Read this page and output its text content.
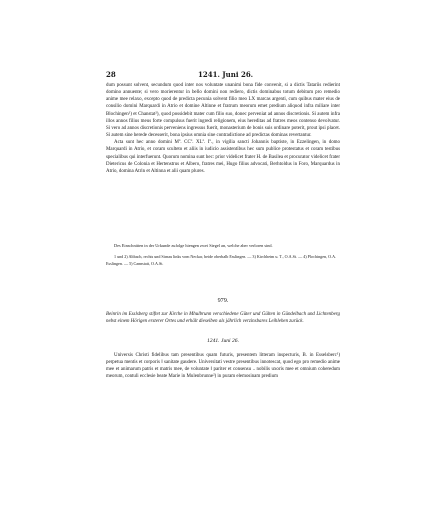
28	1241. Juni 26.

dum possunt solvent, secundum quod inter nos voluntate unanimi bona fide convenit, si a dictis Tatariis redierint domino annuente; si vero morierentur in bello domini non rediero, dictis dominabus totum debitum pro remedio anime mee relaxo, excepto quod de predicta pecunia solvent filio meo LX marcas argenti, cum quibus mater eius de consilio domini Marquardi in Atrio et domine Altinne et fratrum meorum emet predium aliquod infra miliare inter Blochingen¹) et Chanstat²), quod possidebit mater cum filio suo, donec perveniat ad annos discretionis. Si autem infra illos annos filius meus forte compulsus fuerit ingredi religionem, eius hereditas ad fratres meos contenso devolvatur. Si vero ad annos discretionis perveniens ingressus fuerit, monasterium de bonis suis ordinare poterit, prout ipsi placet. Si autem sine herede decesserit, bona ipsius omnia sine contradictione ad predictas dominas revertantur.

Acta sunt hec anno domini Mº. CCº. XLº. Iº., in vigilia sancti Johannis baptiste, in Ezzelingen, in domo Marquardi in Atrio, et coram sculteto et aliis in iudicio assistentibus hec sum publice protestatus et coram testibus specialibus qui interfuerunt. Quorum nomina sunt hec: prior videlicet frater H. de Basilea et procurator videlicet frater Dietericus de Colonia et Hertenstrus et Albero, fratres mei, Hugo filius advocati, Berhtoldus in Foro, Marquardus in Atrio, domina Atrin et Altinna et alii quam plures.

Des Einschnitten in der Urkunde zufolge hiengen zwei Siegel an, welche aber verloren sind.
1 und 2) Altbach, rechts und Sirnau links vom Neckar, beide oberhalb Esslingen. — 3) Kirchheim u. T., O.A.St. — 4) Plochingen, O.A. Esslingen. — 5) Cannstatt, O.A.St.
979.
Beinrin im Esslsberg stiftet zur Kirche in Mhulbrunn verschiedene Güter und Gülten in Gündelbach und Lichtenberg nebst einem Hörigen ersterer Ortes und erhält dieselben als jährlich verzinsbares Leihlehen zurück.
1241. Juni 26.

Universis Christi fidelibus tam presentibus quam futuris, presentem litteram inspecturis, B. in Esselsberc¹) perpetua mentis et corporis ‖ sanitate gaudere. Universitati vestre presentibus innotescat, quod ego pro remedio anime mee et animarum patris et matris mee, de voluntate ‖ pariter et consensu .. nobilis uxoris mee et omnium coheredum meorum, contuli ecclesie beate Marie in Mulenbrunne²) in puram elemosinam predium
